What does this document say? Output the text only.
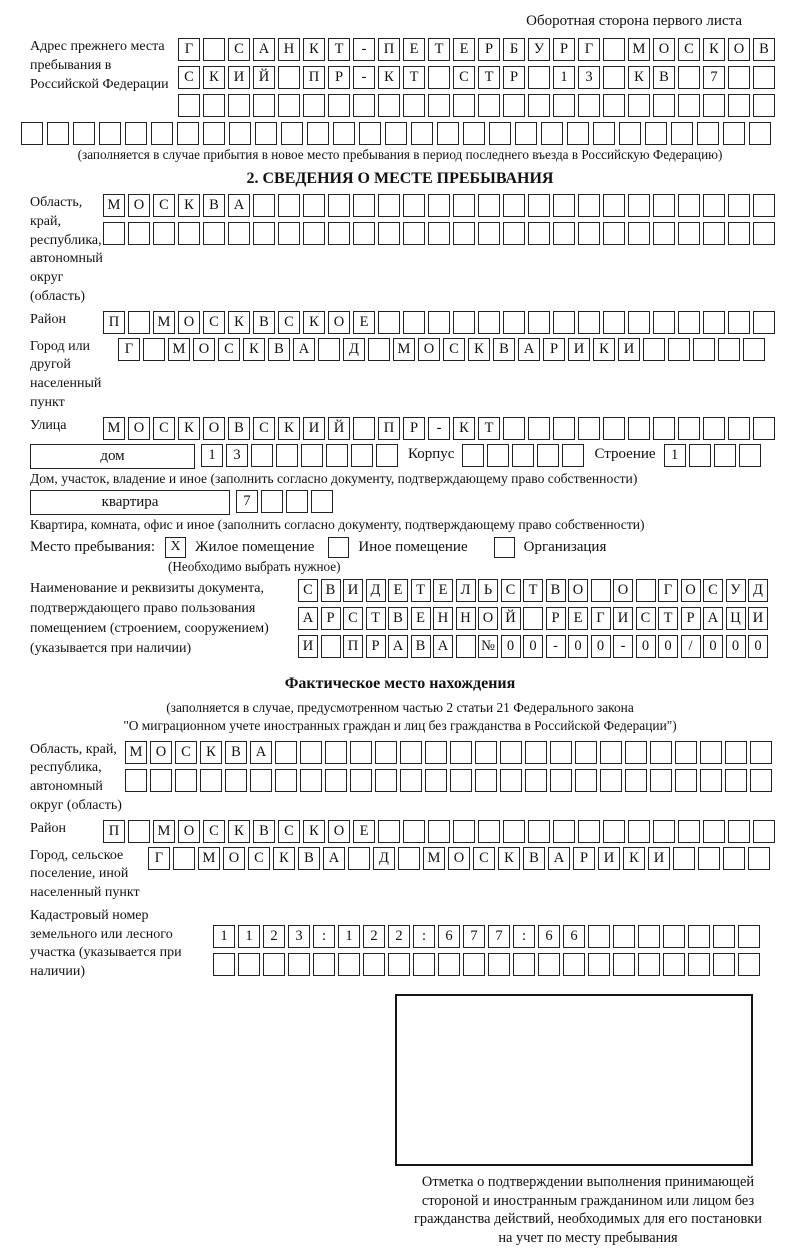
Оборотная сторона первого листа
Адрес прежнего места пребывания в Российской Федерации
Г	С	А	Н	К	Т	-	П	Е	Т	Е	Р	Б	У	Р	Г	М О	С	К	О	В
С	К	И	Й	П	Р	-	К	Т	С	Т	Р	1	3	К	В	7
(заполняется в случае прибытия в новое место пребывания в период последнего въезда в Российскую Федерацию)
2. СВЕДЕНИЯ О МЕСТЕ ПРЕБЫВАНИЯ
Область, край, республика, автономный округ (область)
М О	С	К	В	А
Район	П	М О	С	К	В	С	К	О	Е
Город или другой населенный пункт
Г	М О	С	К	В	А	Д	М О	С	К	В	А	Р	И	К	И
Улица	М О	С	К	О	В	С	К	И	Й	П	Р	-	К	Т
дом	1	3	Корпус	Строение	1
Дом, участок, владение и иное (заполнить согласно документу, подтверждающему право собственности)
квартира	7
Квартира, комната, офис и иное (заполнить согласно документу, подтверждающему право собственности)
Место пребывания:	X Жилое помещение	Иное помещение	Организация
(Необходимо выбрать нужное)
Наименование и реквизиты документа, подтверждающего право пользования помещением (строением, сооружением) (указывается при наличии)
С В И Д Е Т Е Л Ь С Т В О	О	Г О С У Д
А Р С Т В Е Н Н О Й	Р Е Г И С Т Р А Ц И
И	П Р А В А	№ 0	0	-	0	0	-	0	0	/	0	0	0
Фактическое место нахождения
(заполняется в случае, предусмотренном частью 2 статьи 21 Федерального закона
"О миграционном учете иностранных граждан и лиц без гражданства в Российской Федерации")
Область, край, республика, автономный округ (область)
М О	С	К	В	А
Район	П	М О	С	К	В	С	К	О	Е
Город, сельское поселение, иной населенный пункт
Г	М О	С	К	В	А	Д	М О	С	К	В	А	Р	И	К	И
Кадастровый номер земельного или лесного участка (указывается при наличии)
1	1	2	3	:	1	2	2	:	6	7	7	:	6	6
Отметка о подтверждении выполнения принимающей
стороной и иностранным гражданином или лицом без
гражданства действий, необходимых для его постановки
на учет по месту пребывания
